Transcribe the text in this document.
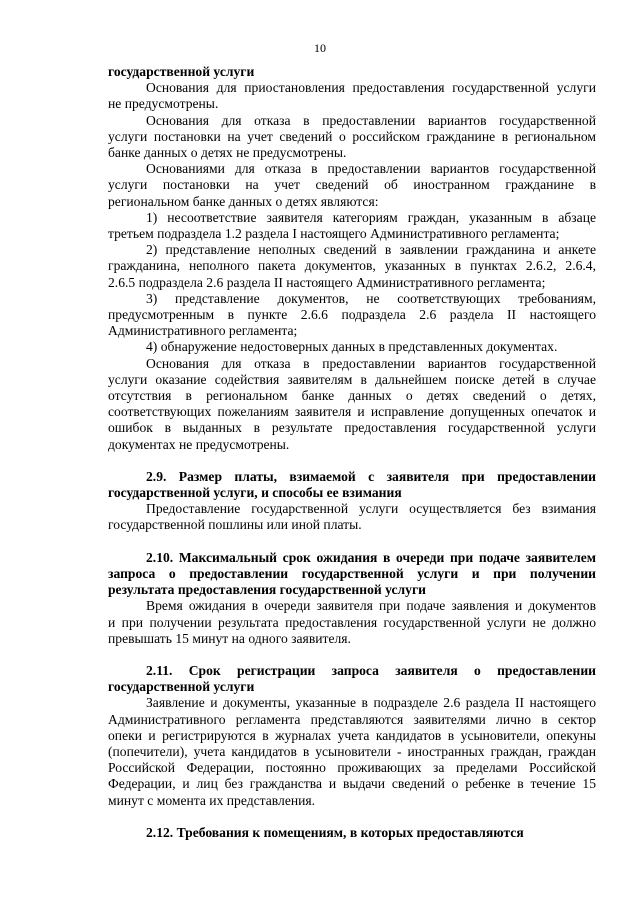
10
государственной услуги
Основания для приостановления предоставления государственной услуги
не предусмотрены.
Основания для отказа в предоставлении вариантов государственной
услуги постановки на учет сведений о российском гражданине в региональном
банке данных о детях не предусмотрены.
Основаниями для отказа в предоставлении вариантов государственной
услуги постановки на учет сведений об иностранном гражданине в
региональном банке данных о детях являются:
1) несоответствие заявителя категориям граждан, указанным в абзаце
третьем подраздела 1.2 раздела I настоящего Административного регламента;
2) представление неполных сведений в заявлении гражданина и анкете
гражданина, неполного пакета документов, указанных в пунктах 2.6.2, 2.6.4,
2.6.5 подраздела 2.6 раздела II настоящего Административного регламента;
3) представление документов, не соответствующих требованиям,
предусмотренным в пункте 2.6.6 подраздела 2.6 раздела II настоящего
Административного регламента;
4) обнаружение недостоверных данных в представленных документах.
Основания для отказа в предоставлении вариантов государственной
услуги оказание содействия заявителям в дальнейшем поиске детей в случае
отсутствия в региональном банке данных о детях сведений о детях,
соответствующих пожеланиям заявителя и исправление допущенных опечаток и
ошибок в выданных в результате предоставления государственной услуги
документах не предусмотрены.
2.9. Размер платы, взимаемой с заявителя при предоставлении
государственной услуги, и способы ее взимания
Предоставление государственной услуги осуществляется без взимания
государственной пошлины или иной платы.
2.10. Максимальный срок ожидания в очереди при подаче заявителем
запроса о предоставлении государственной услуги и при получении
результата предоставления государственной услуги
Время ожидания в очереди заявителя при подаче заявления и документов
и при получении результата предоставления государственной услуги не должно
превышать 15 минут на одного заявителя.
2.11. Срок регистрации запроса заявителя о предоставлении
государственной услуги
Заявление и документы, указанные в подразделе 2.6 раздела II настоящего
Административного регламента представляются заявителями лично в сектор
опеки и регистрируются в журналах учета кандидатов в усыновители, опекуны
(попечители), учета кандидатов в усыновители - иностранных граждан, граждан
Российской Федерации, постоянно проживающих за пределами Российской
Федерации, и лиц без гражданства и выдачи сведений о ребенке в течение 15
минут с момента их представления.
2.12. Требования к помещениям, в которых предоставляются
